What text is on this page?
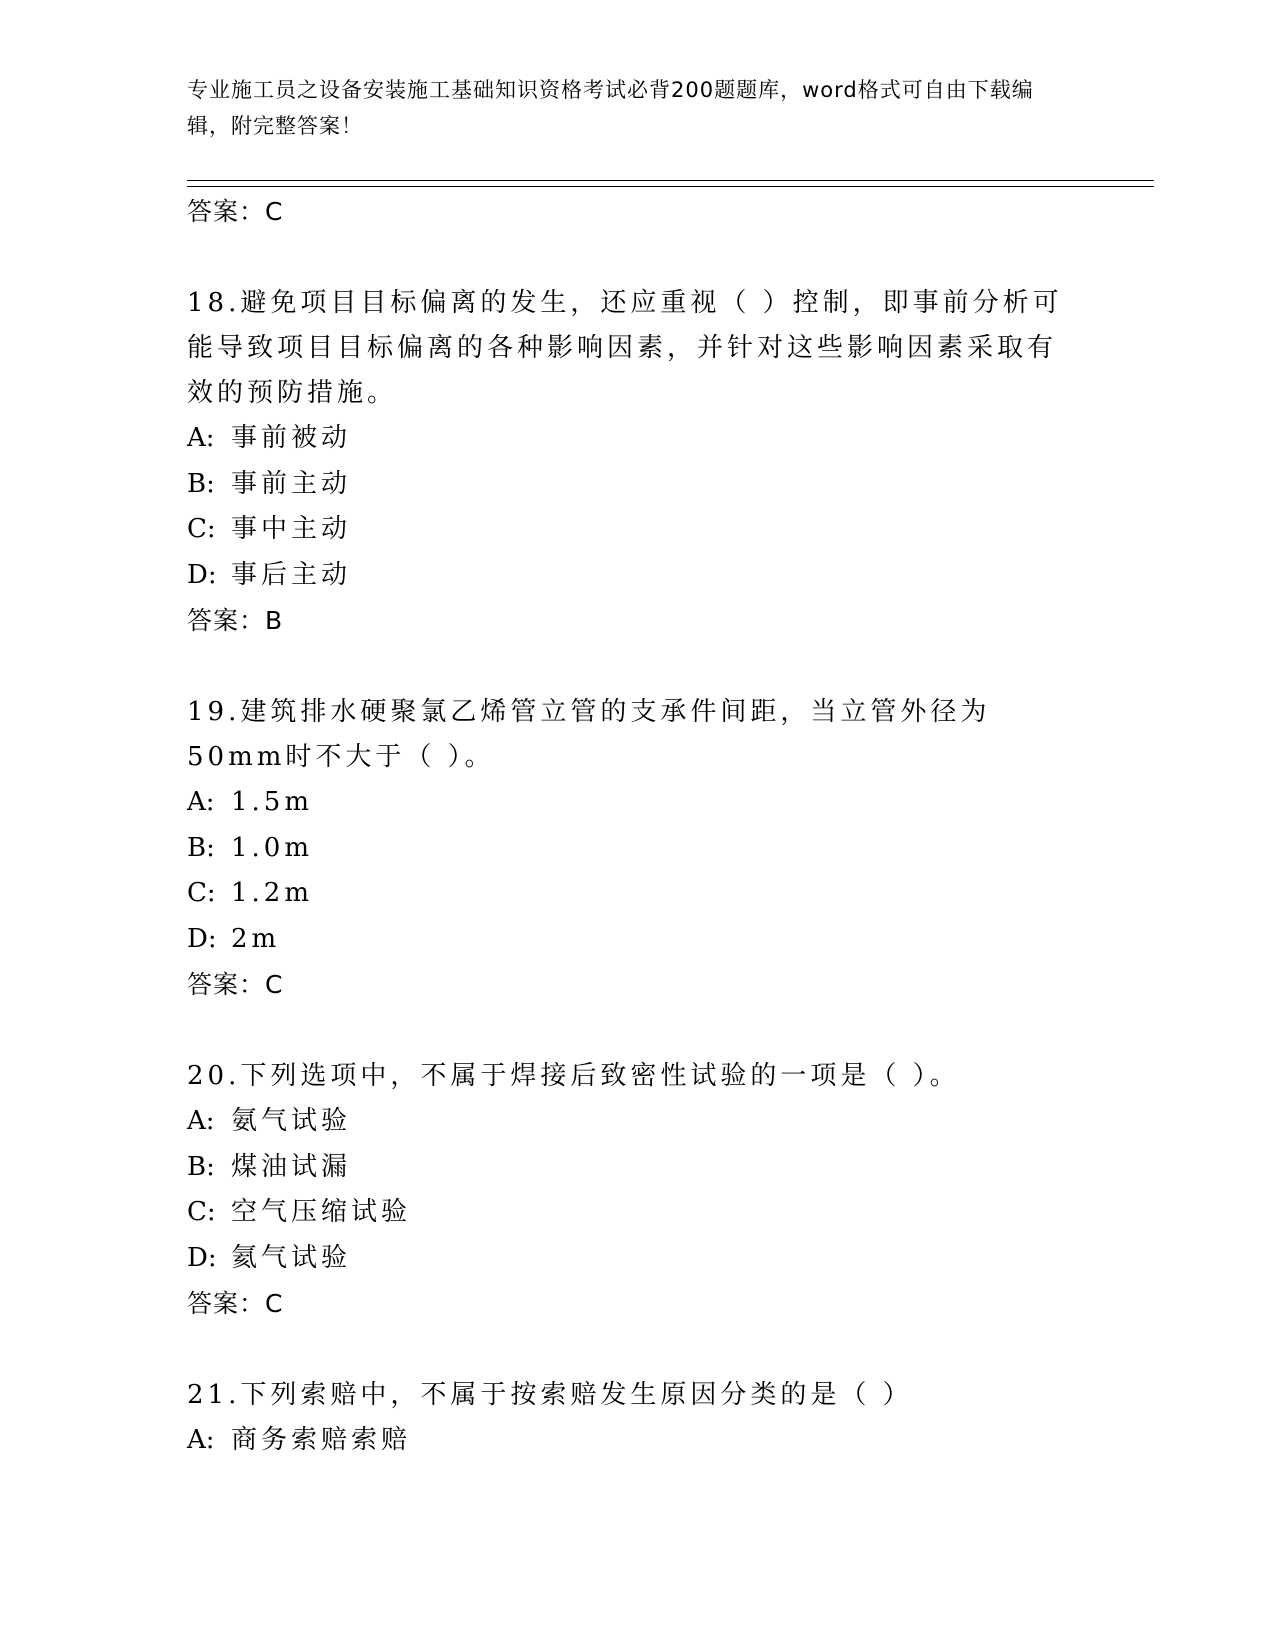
专业施工员之设备安装施工基础知识资格考试必背200题题库，word格式可自由下载编辑，附完整答案！
答案：C
18.避免项目目标偏离的发生，还应重视（ ）控制，即事前分析可能导致项目目标偏离的各种影响因素，并针对这些影响因素采取有效的预防措施。
A: 事前被动
B: 事前主动
C: 事中主动
D: 事后主动
答案：B
19.建筑排水硬聚氯乙烯管立管的支承件间距，当立管外径为50mm时不大于（ ）。
A: 1.5m
B: 1.0m
C: 1.2m
D: 2m
答案：C
20.下列选项中，不属于焊接后致密性试验的一项是（ ）。
A: 氨气试验
B: 煤油试漏
C: 空气压缩试验
D: 氦气试验
答案：C
21.下列索赔中，不属于按索赔发生原因分类的是（ ）
A: 商务索赔索赔
